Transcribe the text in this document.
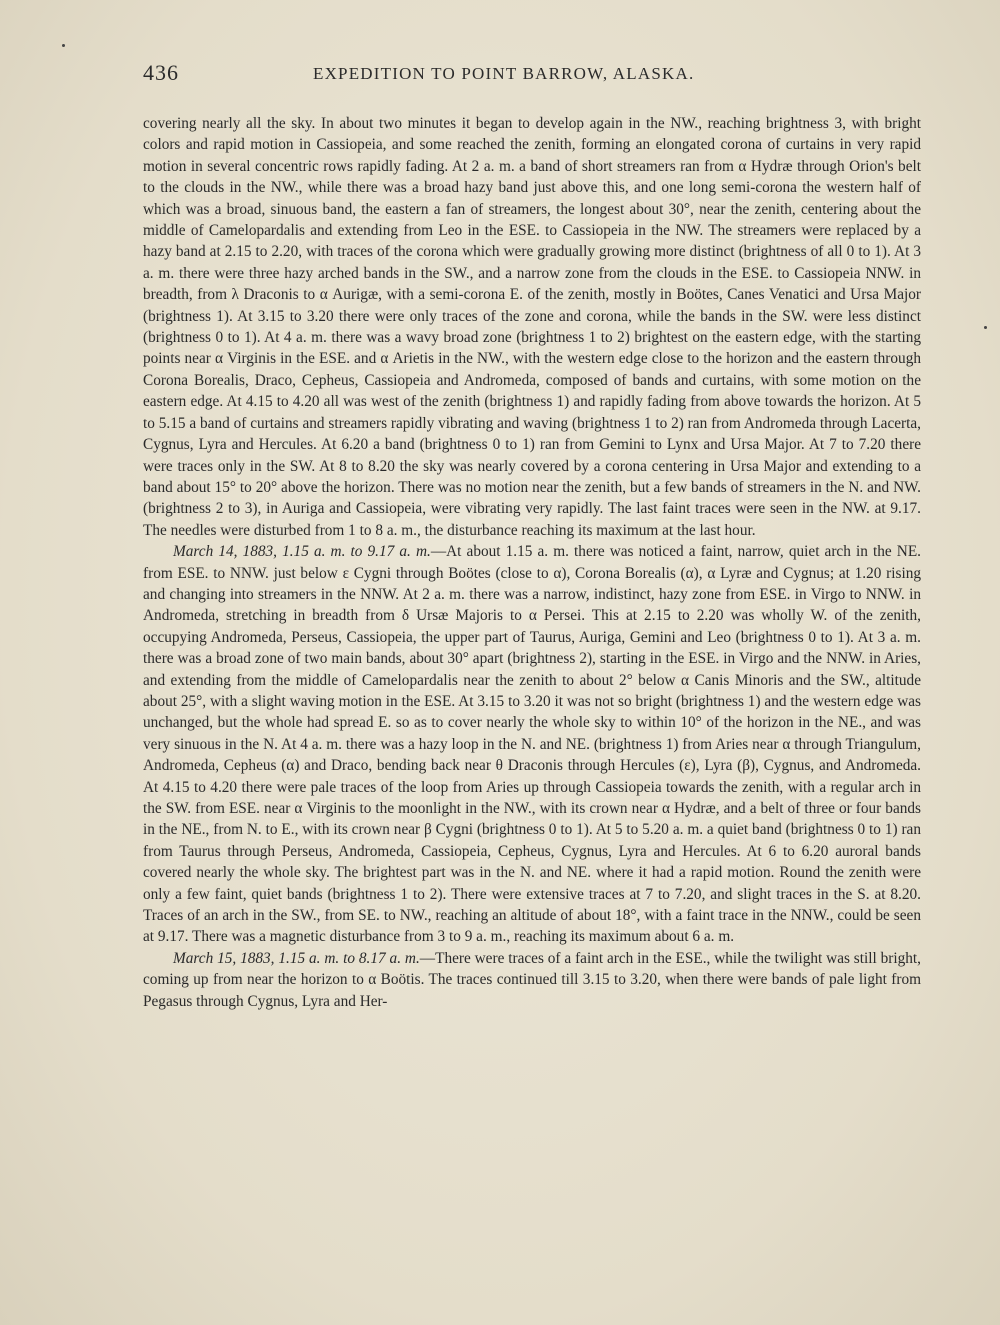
436	EXPEDITION TO POINT BARROW, ALASKA.

covering nearly all the sky. In about two minutes it began to develop again in the NW., reaching brightness 3, with bright colors and rapid motion in Cassiopeia, and some reached the zenith, forming an elongated corona of curtains in very rapid motion in several concentric rows rapidly fading. At 2 a. m. a band of short streamers ran from α Hydræ through Orion's belt to the clouds in the NW., while there was a broad hazy band just above this, and one long semi-corona the western half of which was a broad, sinuous band, the eastern a fan of streamers, the longest about 30°, near the zenith, centering about the middle of Camelopardalis and extending from Leo in the ESE. to Cassiopeia in the NW. The streamers were replaced by a hazy band at 2.15 to 2.20, with traces of the corona which were gradually growing more distinct (brightness of all 0 to 1). At 3 a. m. there were three hazy arched bands in the SW., and a narrow zone from the clouds in the ESE. to Cassiopeia NNW. in breadth, from λ Draconis to α Aurigæ, with a semi-corona E. of the zenith, mostly in Boötes, Canes Venatici and Ursa Major (brightness 1). At 3.15 to 3.20 there were only traces of the zone and corona, while the bands in the SW. were less distinct (brightness 0 to 1). At 4 a. m. there was a wavy broad zone (brightness 1 to 2) brightest on the eastern edge, with the starting points near α Virginis in the ESE. and α Arietis in the NW., with the western edge close to the horizon and the eastern through Corona Borealis, Draco, Cepheus, Cassiopeia and Andromeda, composed of bands and curtains, with some motion on the eastern edge. At 4.15 to 4.20 all was west of the zenith (brightness 1) and rapidly fading from above towards the horizon. At 5 to 5.15 a band of curtains and streamers rapidly vibrating and waving (brightness 1 to 2) ran from Andromeda through Lacerta, Cygnus, Lyra and Hercules. At 6.20 a band (brightness 0 to 1) ran from Gemini to Lynx and Ursa Major. At 7 to 7.20 there were traces only in the SW. At 8 to 8.20 the sky was nearly covered by a corona centering in Ursa Major and extending to a band about 15° to 20° above the horizon. There was no motion near the zenith, but a few bands of streamers in the N. and NW. (brightness 2 to 3), in Auriga and Cassiopeia, were vibrating very rapidly. The last faint traces were seen in the NW. at 9.17. The needles were disturbed from 1 to 8 a. m., the disturbance reaching its maximum at the last hour.

March 14, 1883, 1.15 a. m. to 9.17 a. m.—At about 1.15 a. m. there was noticed a faint, narrow, quiet arch in the NE. from ESE. to NNW. just below ε Cygni through Boötes (close to α), Corona Borealis (α), α Lyræ and Cygnus; at 1.20 rising and changing into streamers in the NNW. At 2 a. m. there was a narrow, indistinct, hazy zone from ESE. in Virgo to NNW. in Andromeda, stretching in breadth from δ Ursæ Majoris to α Persei. This at 2.15 to 2.20 was wholly W. of the zenith, occupying Andromeda, Perseus, Cassiopeia, the upper part of Taurus, Auriga, Gemini and Leo (brightness 0 to 1). At 3 a. m. there was a broad zone of two main bands, about 30° apart (brightness 2), starting in the ESE. in Virgo and the NNW. in Aries, and extending from the middle of Camelopardalis near the zenith to about 2° below α Canis Minoris and the SW., altitude about 25°, with a slight waving motion in the ESE. At 3.15 to 3.20 it was not so bright (brightness 1) and the western edge was unchanged, but the whole had spread E. so as to cover nearly the whole sky to within 10° of the horizon in the NE., and was very sinuous in the N. At 4 a. m. there was a hazy loop in the N. and NE. (brightness 1) from Aries near α through Triangulum, Andromeda, Cepheus (α) and Draco, bending back near θ Draconis through Hercules (ε), Lyra (β), Cygnus, and Andromeda. At 4.15 to 4.20 there were pale traces of the loop from Aries up through Cassiopeia towards the zenith, with a regular arch in the SW. from ESE. near α Virginis to the moonlight in the NW., with its crown near α Hydræ, and a belt of three or four bands in the NE., from N. to E., with its crown near β Cygni (brightness 0 to 1). At 5 to 5.20 a. m. a quiet band (brightness 0 to 1) ran from Taurus through Perseus, Andromeda, Cassiopeia, Cepheus, Cygnus, Lyra and Hercules. At 6 to 6.20 auroral bands covered nearly the whole sky. The brightest part was in the N. and NE. where it had a rapid motion. Round the zenith were only a few faint, quiet bands (brightness 1 to 2). There were extensive traces at 7 to 7.20, and slight traces in the S. at 8.20. Traces of an arch in the SW., from SE. to NW., reaching an altitude of about 18°, with a faint trace in the NNW., could be seen at 9.17. There was a magnetic disturbance from 3 to 9 a. m., reaching its maximum about 6 a. m.

March 15, 1883, 1.15 a. m. to 8.17 a. m.—There were traces of a faint arch in the ESE., while the twilight was still bright, coming up from near the horizon to α Boötis. The traces continued till 3.15 to 3.20, when there were bands of pale light from Pegasus through Cygnus, Lyra and Her-
